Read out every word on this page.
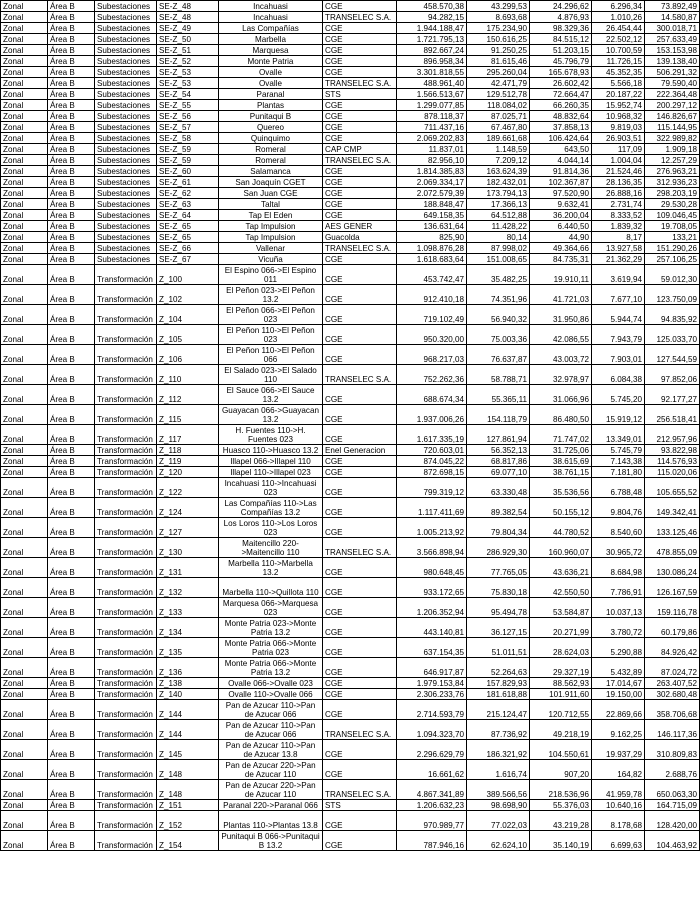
Zonal	Área B	Subestaciones	SE-Z_48	Incahuasi	CGE	458.570,38	43.299,53	24.296,62	6.296,34	73.892,49
Zonal	Área B	Subestaciones	SE-Z_48	Incahuasi	TRANSELEC S.A.	94.282,15	8.693,68	4.876,93	1.010,26	14.580,87
Zonal	Área B	Subestaciones	SE-Z_49	Las Compañías	CGE	1.944.188,47	175.234,90	98.329,36	26.454,44	300.018,71
Zonal	Área B	Subestaciones	SE-Z_50	Marbella	CGE	1.721.795,13	150.616,25	84.515,12	22.502,12	257.633,49
Zonal	Área B	Subestaciones	SE-Z_51	Marquesa	CGE	892.667,24	91.250,25	51.203,15	10.700,59	153.153,98
Zonal	Área B	Subestaciones	SE-Z_52	Monte Patria	CGE	896.958,34	81.615,46	45.796,79	11.726,15	139.138,40
Zonal	Área B	Subestaciones	SE-Z_53	Ovalle	CGE	3.301.818,55	295.260,04	165.678,93	45.352,35	506.291,32
Zonal	Área B	Subestaciones	SE-Z_53	Ovalle	TRANSELEC S.A.	488.961,40	42.471,79	26.602,42	5.566,18	79.590,40
Zonal	Área B	Subestaciones	SE-Z_54	Paranal	STS	1.566.513,67	129.512,78	72.664,47	20.187,22	222.364,48
Zonal	Área B	Subestaciones	SE-Z_55	Plantas	CGE	1.299.077,85	118.084,02	66.260,35	15.952,74	200.297,12
Zonal	Área B	Subestaciones	SE-Z_56	Punitaqui B	CGE	878.118,37	87.025,71	48.832,64	10.968,32	146.826,67
Zonal	Área B	Subestaciones	SE-Z_57	Quereo	CGE	711.437,16	67.467,80	37.858,13	9.819,03	115.144,95
Zonal	Área B	Subestaciones	SE-Z_58	Quinquimo	CGE	2.069.202,83	189.661,68	106.424,64	26.903,51	322.989,82
Zonal	Área B	Subestaciones	SE-Z_59	Romeral	CAP CMP	11.837,01	1.148,59	643,50	117,09	1.909,18
Zonal	Área B	Subestaciones	SE-Z_59	Romeral	TRANSELEC S.A.	82.956,10	7.209,12	4.044,14	1.004,04	12.257,29
Zonal	Área B	Subestaciones	SE-Z_60	Salamanca	CGE	1.814.385,83	163.624,39	91.814,36	21.524,46	276.963,21
Zonal	Área B	Subestaciones	SE-Z_61	San Joaquín CGET	CGE	2.069.334,17	182.432,01	102.367,87	28.136,35	312.936,23
Zonal	Área B	Subestaciones	SE-Z_62	San Juan CGE	CGE	2.072.579,39	173.794,13	97.520,90	26.888,16	298.203,19
Zonal	Área B	Subestaciones	SE-Z_63	Taltal	CGE	188.848,47	17.366,13	9.632,41	2.731,74	29.530,28
Zonal	Área B	Subestaciones	SE-Z_64	Tap El Eden	CGE	649.158,35	64.512,88	36.200,04	8.333,52	109.046,45
Zonal	Área B	Subestaciones	SE-Z_65	Tap Impulsion	AES GENER	136.631,64	11.428,22	6.440,50	1.839,32	19.708,05
Zonal	Área B	Subestaciones	SE-Z_65	Tap Impulsion	Guacolda	825,90	80,14	44,90	8,17	133,21
Zonal	Área B	Subestaciones	SE-Z_66	Vallenar	TRANSELEC S.A.	1.098.876,28	87.998,02	49.364,66	13.927,58	151.290,26
Zonal	Área B	Subestaciones	SE-Z_67	Vicuña	CGE	1.618.683,64	151.008,65	84.735,31	21.362,29	257.106,25
Zonal	Área B	Transformación	Z_100	El Espino 066->El Espino 011	CGE	453.742,47	35.482,25	19.910,11	3.619,94	59.012,30
Zonal	Área B	Transformación	Z_102	El Peñon 023->El Peñon 13.2	CGE	912.410,18	74.351,96	41.721,03	7.677,10	123.750,09
Zonal	Área B	Transformación	Z_104	El Peñon 066->El Peñon 023	CGE	719.102,49	56.940,32	31.950,86	5.944,74	94.835,92
Zonal	Área B	Transformación	Z_105	El Peñon 110->El Peñon 023	CGE	950.320,00	75.003,36	42.086,55	7.943,79	125.033,70
Zonal	Área B	Transformación	Z_106	El Peñon 110->El Peñon 066	CGE	968.217,03	76.637,87	43.003,72	7.903,01	127.544,59
Zonal	Área B	Transformación	Z_110	El Salado 023->El Salado 110	TRANSELEC S.A.	752.262,36	58.788,71	32.978,97	6.084,38	97.852,06
Zonal	Área B	Transformación	Z_112	El Sauce 066->El Sauce 13.2	CGE	688.674,34	55.365,11	31.066,96	5.745,20	92.177,27
Zonal	Área B	Transformación	Z_115	Guayacan 066->Guayacan 13.2	CGE	1.937.006,26	154.118,79	86.480,50	15.919,12	256.518,41
Zonal	Área B	Transformación	Z_117	H. Fuentes 110->H. Fuentes 023	CGE	1.617.335,19	127.861,94	71.747,02	13.349,01	212.957,96
Zonal	Área B	Transformación	Z_118	Huasco 110->Huasco 13.2	Enel Generacion	720.603,01	56.352,13	31.725,06	5.745,79	93.822,98
Zonal	Área B	Transformación	Z_119	Illapel 066->Illapel 110	CGE	874.045,22	68.817,86	38.615,69	7.143,38	114.576,93
Zonal	Área B	Transformación	Z_120	Illapel 110->Illapel 023	CGE	872.698,15	69.077,10	38.761,15	7.181,80	115.020,06
Zonal	Área B	Transformación	Z_122	Incahuasi 110->Incahuasi 023	CGE	799.319,12	63.330,48	35.536,56	6.788,48	105.655,52
Zonal	Área B	Transformación	Z_124	Las Compañías 110->Las Compañías 13.2	CGE	1.117.411,69	89.382,54	50.155,12	9.804,76	149.342,41
Zonal	Área B	Transformación	Z_127	Los Loros 110->Los Loros 023	CGE	1.005.213,92	79.804,34	44.780,52	8.540,60	133.125,46
Zonal	Área B	Transformación	Z_130	Maitencillo 220->Maitencillo 110	TRANSELEC S.A.	3.566.898,94	286.929,30	160.960,07	30.965,72	478.855,09
Zonal	Área B	Transformación	Z_131	Marbella 110->Marbella 13.2	CGE	980.648,45	77.765,05	43.636,21	8.684,98	130.086,24
Zonal	Área B	Transformación	Z_132	Marbella 110->Quillota 110	CGE	933.172,65	75.830,18	42.550,50	7.786,91	126.167,59
Zonal	Área B	Transformación	Z_133	Marquesa 066->Marquesa 023	CGE	1.206.352,94	95.494,78	53.584,87	10.037,13	159.116,78
Zonal	Área B	Transformación	Z_134	Monte Patria 023->Monte Patria 13.2	CGE	443.140,81	36.127,15	20.271,99	3.780,72	60.179,86
Zonal	Área B	Transformación	Z_135	Monte Patria 066->Monte Patria 023	CGE	637.154,35	51.011,51	28.624,03	5.290,88	84.926,42
Zonal	Área B	Transformación	Z_136	Monte Patria 066->Monte Patria 13.2	CGE	646.917,87	52.264,63	29.327,19	5.432,89	87.024,72
Zonal	Área B	Transformación	Z_138	Ovalle 066->Ovalle 023	CGE	1.979.153,84	157.829,93	88.562,93	17.014,67	263.407,52
Zonal	Área B	Transformación	Z_140	Ovalle 110->Ovalle 066	CGE	2.306.233,76	181.618,88	101.911,60	19.150,00	302.680,48
Zonal	Área B	Transformación	Z_144	Pan de Azucar 110->Pan de Azucar 066	CGE	2.714.593,79	215.124,47	120.712,55	22.869,66	358.706,68
Zonal	Área B	Transformación	Z_144	Pan de Azucar 110->Pan de Azucar 066	TRANSELEC S.A.	1.094.323,70	87.736,92	49.218,19	9.162,25	146.117,36
Zonal	Área B	Transformación	Z_145	Pan de Azucar 110->Pan de Azucar 13.8	CGE	2.296.629,79	186.321,92	104.550,61	19.937,29	310.809,83
Zonal	Área B	Transformación	Z_148	Pan de Azucar 220->Pan de Azucar 110	CGE	16.661,62	1.616,74	907,20	164,82	2.688,76
Zonal	Área B	Transformación	Z_148	Pan de Azucar 220->Pan de Azucar 110	TRANSELEC S.A.	4.867.341,89	389.566,56	218.536,96	41.959,78	650.063,30
Zonal	Área B	Transformación	Z_151	Paranal 220->Paranal 066	STS	1.206.632,23	98.698,90	55.376,03	10.640,16	164.715,09
Zonal	Área B	Transformación	Z_152	Plantas 110->Plantas 13.8	CGE	970.989,77	77.022,03	43.219,28	8.178,68	128.420,00
Zonal	Área B	Transformación	Z_154	Punitaqui B 066->Punitaqui B 13.2	CGE	787.946,16	62.624,10	35.140,19	6.699,63	104.463,92
